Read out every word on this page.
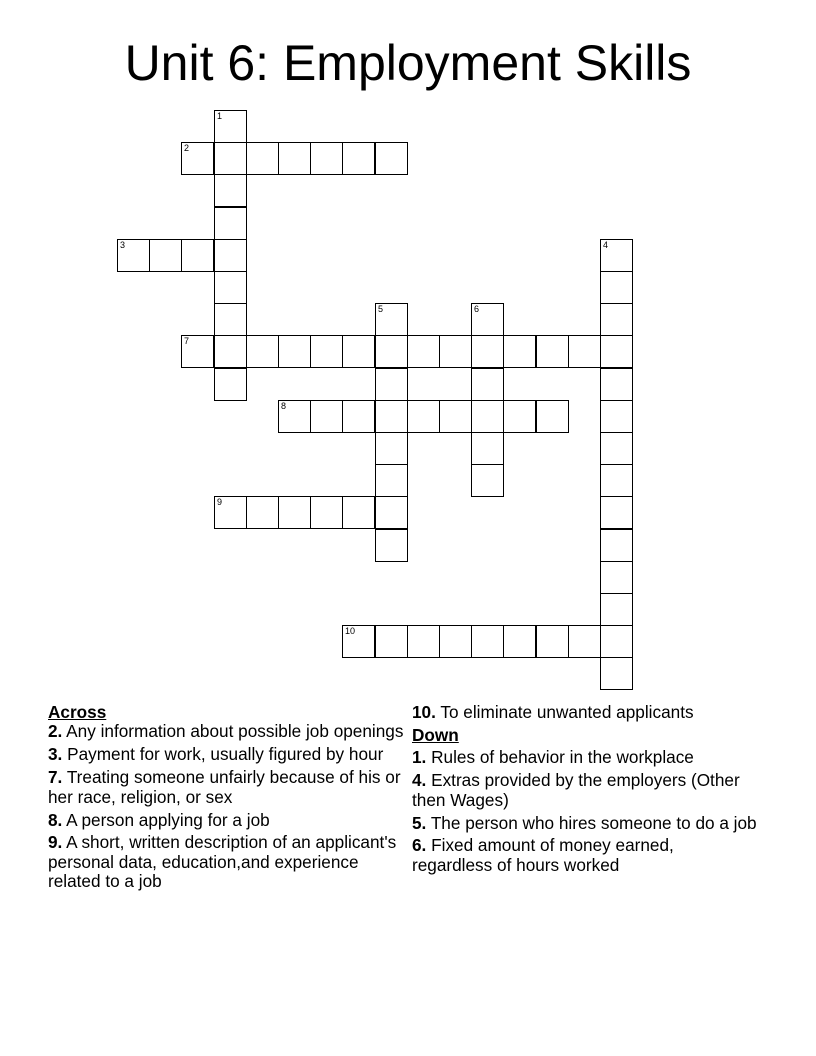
Unit 6: Employment Skills
1
2
3	4
5	6
7
8
9
10
Across
2. Any information about possible job openings
3. Payment for work, usually figured by hour
7. Treating someone unfairly because of his or her race, religion, or sex
8. A person applying for a job
9. A short, written description of an applicant's personal data, education,and experience related to a job
10. To eliminate unwanted applicants
Down
1. Rules of behavior in the workplace
4. Extras provided by the employers (Other then Wages)
5. The person who hires someone to do a job
6. Fixed amount of money earned, regardless of hours worked
